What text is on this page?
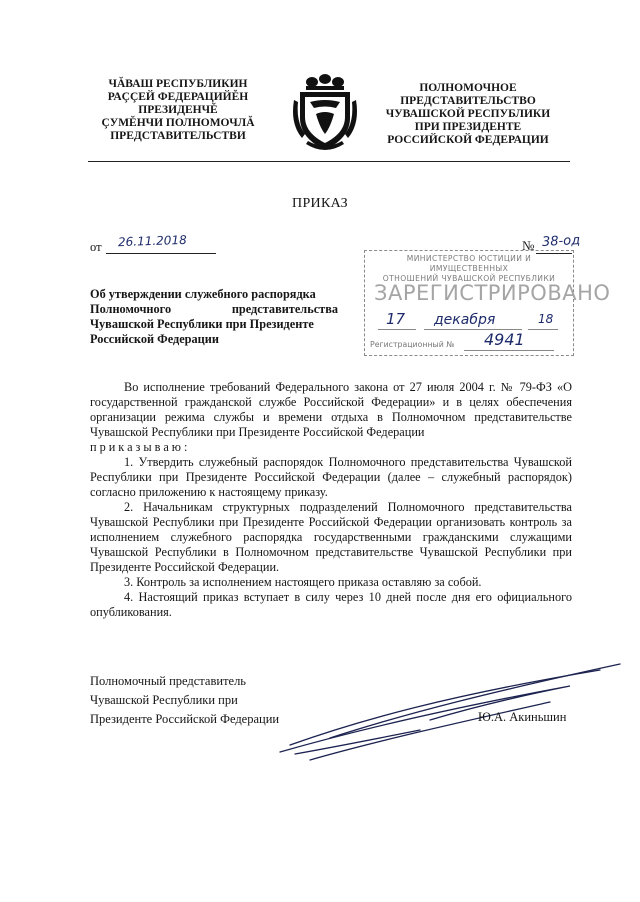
ЧĂВАШ РЕСПУБЛИКИН
РАÇÇЕЙ ФЕДЕРАЦИЙĔН
ПРЕЗИДЕНЧĔ
ÇУМĔНЧИ ПОЛНОМОЧЛĂ
ПРЕДСТАВИТЕЛЬСТВИ
ПОЛНОМОЧНОЕ
ПРЕДСТАВИТЕЛЬСТВО
ЧУВАШСКОЙ РЕСПУБЛИКИ
ПРИ ПРЕЗИДЕНТЕ
РОССИЙСКОЙ ФЕДЕРАЦИИ
ПРИКАЗ
от	26.11.2018	№ 38-од
МИНИСТЕРСТВО ЮСТИЦИИ И ИМУЩЕСТВЕННЫХ
ОТНОШЕНИЙ ЧУВАШСКОЙ РЕСПУБЛИКИ
ЗАРЕГИСТРИРОВАНО
17 декабря	18
Регистрационный № 4941
Об утверждении служебного распорядка
Полномочного представительства
Чувашской Республики при Президенте
Российской Федерации

Во исполнение требований Федерального закона от 27 июля 2004 г. № 79-ФЗ «О государственной гражданской службе Российской Федерации» и в целях обеспечения организации режима службы и времени отдыха в Полномочном представительстве Чувашской Республики при Президенте Российской Федерации

приказываю:

1. Утвердить служебный распорядок Полномочного представительства Чувашской Республики при Президенте Российской Федерации (далее – служебный распорядок) согласно приложению к настоящему приказу.

2. Начальникам структурных подразделений Полномочного представительства Чувашской Республики при Президенте Российской Федерации организовать контроль за исполнением служебного распорядка государственными гражданскими служащими Чувашской Республики в Полномочном представительстве Чувашской Республики при Президенте Российской Федерации.

3. Контроль за исполнением настоящего приказа оставляю за собой.

4. Настоящий приказ вступает в силу через 10 дней после дня его официального опубликования.

Полномочный представитель
Чувашской Республики при
Президенте Российской Федерации	Ю.А. Акиньшин
